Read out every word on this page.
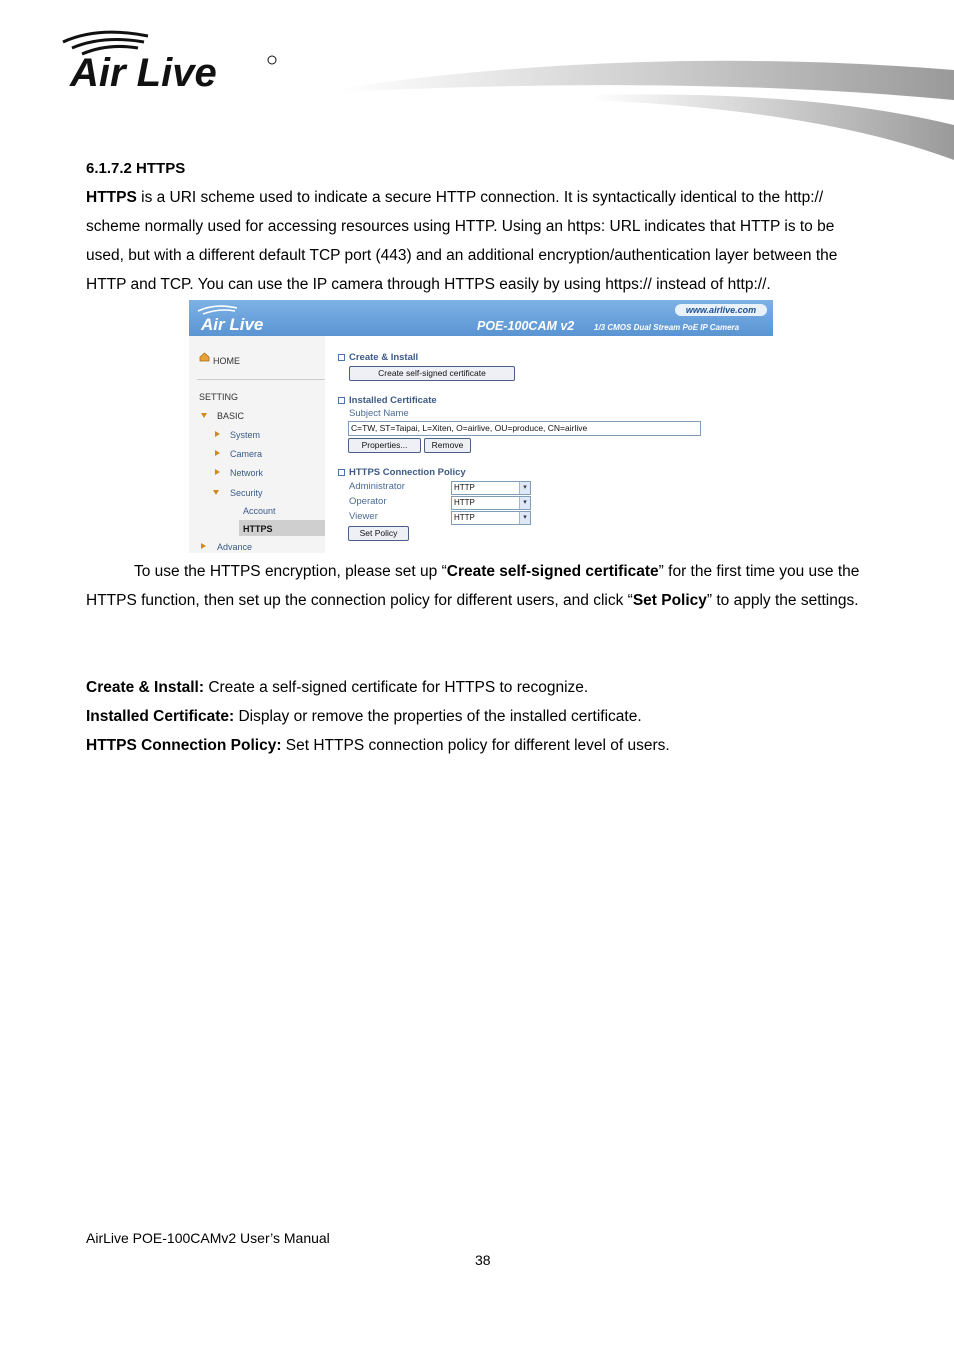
Air Live
6.1.7.2 HTTPS
HTTPS is a URI scheme used to indicate a secure HTTP connection. It is syntactically identical to the http:// scheme normally used for accessing resources using HTTP. Using an https: URL indicates that HTTP is to be used, but with a different default TCP port (443) and an additional encryption/authentication layer between the HTTP and TCP. You can use the IP camera through HTTPS easily by using https:// instead of http://.
Air Live
www.airlive.com
POE-100CAM v2 1/3 CMOS Dual Stream PoE IP Camera
HOME
SETTING
BASIC
System
Camera
Network
Security
Account
HTTPS
Advance
Create & Install
Create self-signed certificate
Installed Certificate
Subject Name
C=TW, ST=Taipai, L=Xiten, O=airlive, OU=produce, CN=airlive
Properties...	Remove
HTTPS Connection Policy
Administrator	HTTP	▾
Operator	HTTP	▾
Viewer	HTTP	▾
Set Policy
To use the HTTPS encryption, please set up “Create self-signed certificate” for the first time you use the HTTPS function, then set up the connection policy for different users, and click “Set Policy” to apply the settings.
Create & Install: Create a self-signed certificate for HTTPS to recognize.
Installed Certificate: Display or remove the properties of the installed certificate.
HTTPS Connection Policy: Set HTTPS connection policy for different level of users.
AirLive POE-100CAMv2 User’s Manual
38
